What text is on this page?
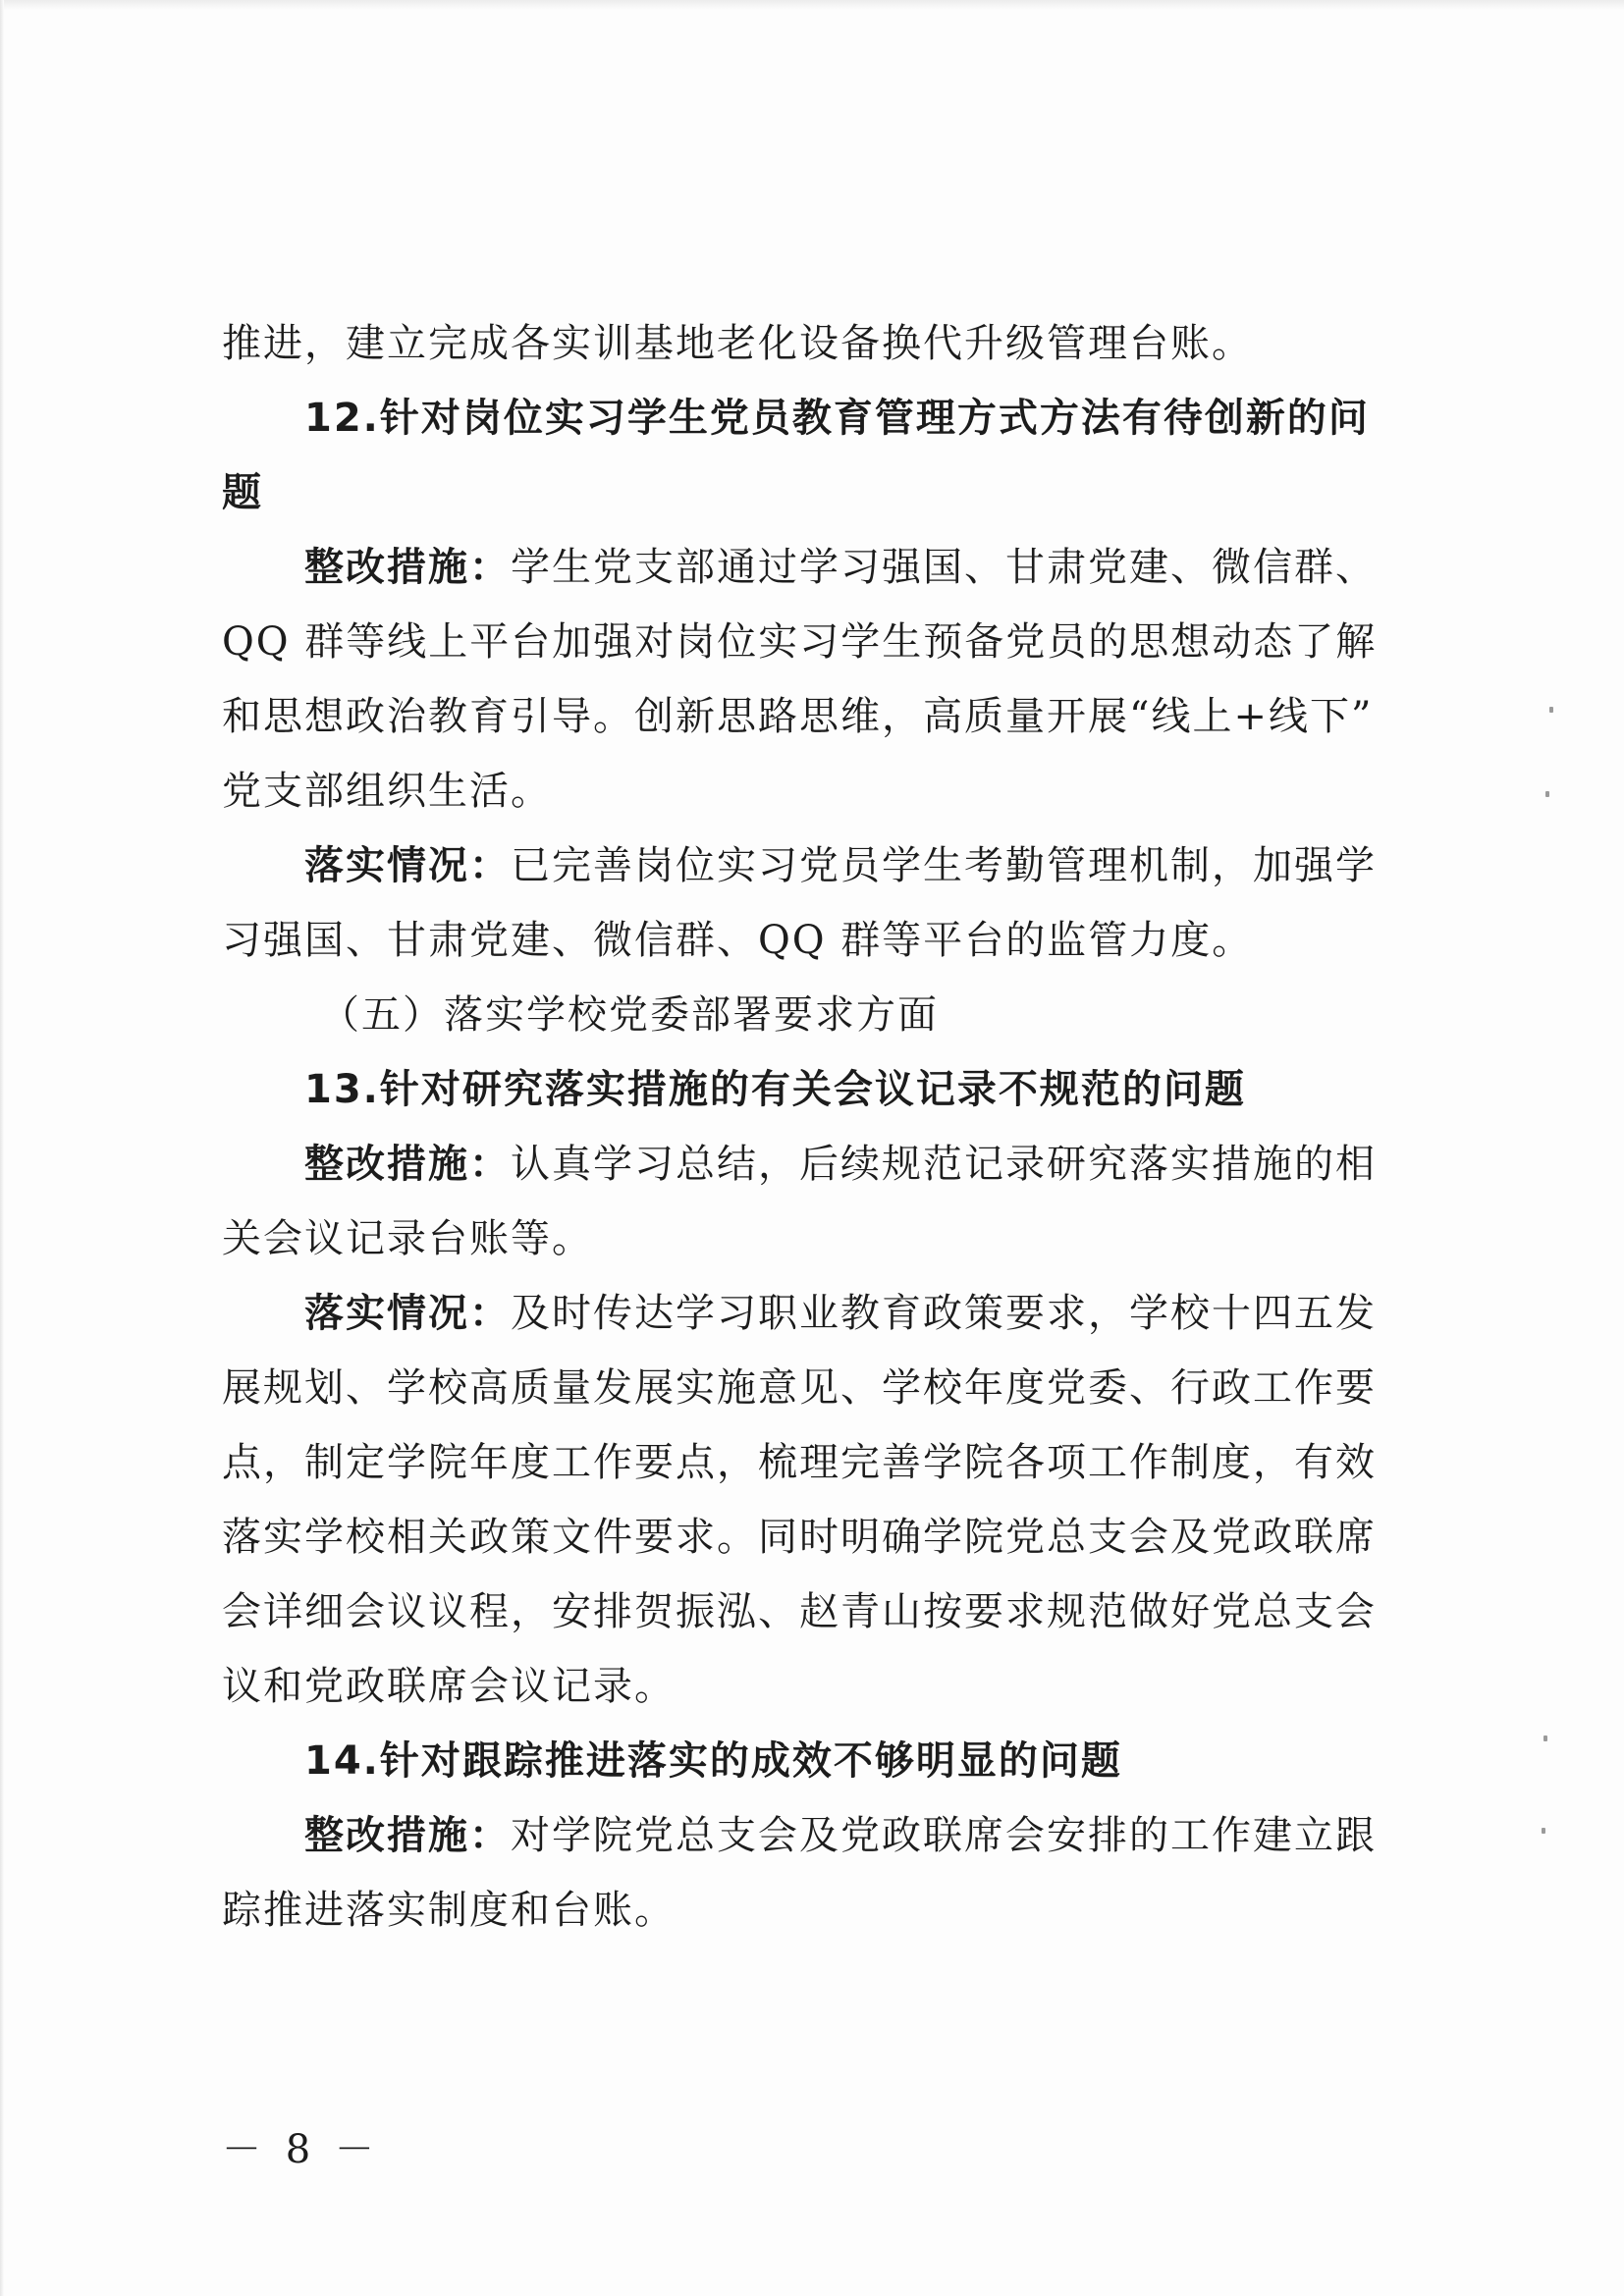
推进，建立完成各实训基地老化设备换代升级管理台账。
12.针对岗位实习学生党员教育管理方式方法有待创新的问
题
整改措施：学生党支部通过学习强国、甘肃党建、微信群、
QQ 群等线上平台加强对岗位实习学生预备党员的思想动态了解
和思想政治教育引导。创新思路思维，高质量开展“线上+线下”
党支部组织生活。
落实情况：已完善岗位实习党员学生考勤管理机制，加强学
习强国、甘肃党建、微信群、QQ 群等平台的监管力度。
（五）落实学校党委部署要求方面
13.针对研究落实措施的有关会议记录不规范的问题
整改措施：认真学习总结，后续规范记录研究落实措施的相
关会议记录台账等。
落实情况：及时传达学习职业教育政策要求，学校十四五发
展规划、学校高质量发展实施意见、学校年度党委、行政工作要
点，制定学院年度工作要点，梳理完善学院各项工作制度，有效
落实学校相关政策文件要求。同时明确学院党总支会及党政联席
会详细会议议程，安排贺振泓、赵青山按要求规范做好党总支会
议和党政联席会议记录。
14.针对跟踪推进落实的成效不够明显的问题
整改措施：对学院党总支会及党政联席会安排的工作建立跟
踪推进落实制度和台账。
－ 8 －
